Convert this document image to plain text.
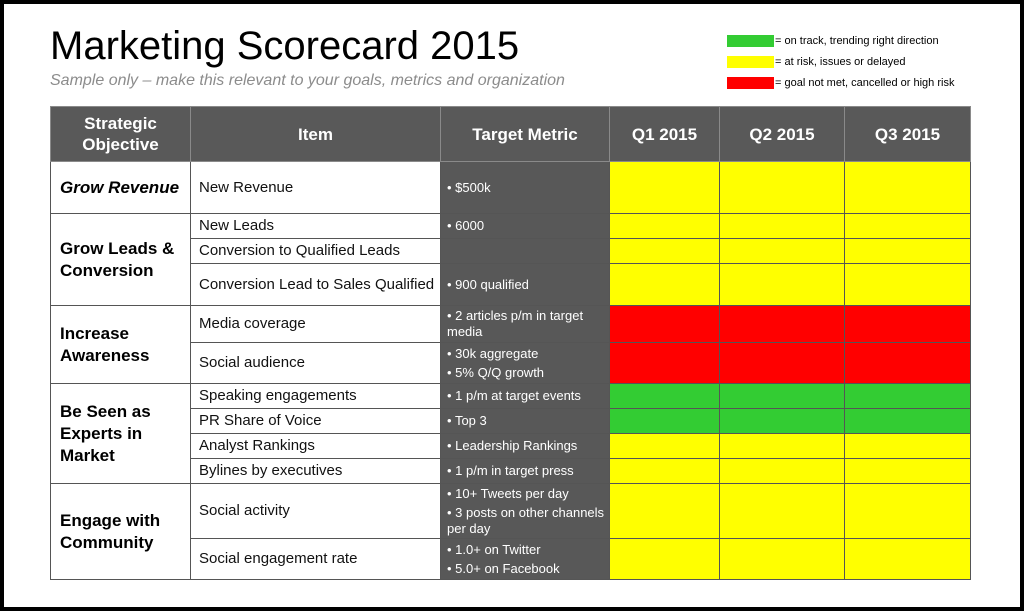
Marketing Scorecard 2015
Sample only – make this relevant to your goals, metrics and organization
= on track, trending right direction
= at risk, issues or delayed
= goal not met, cancelled or high risk
Strategic Objective	Item	Target Metric	Q1 2015	Q2 2015	Q3 2015
Grow Revenue	New Revenue	• $500k

Grow Leads & Conversion	New Leads	• 6000

	Conversion to Qualified Leads				
	Conversion Lead to Sales Qualified	• 900 qualified

Increase Awareness	Media coverage	• 2 articles p/m in target media

	Social audience	• 30k aggregate
• 5% Q/Q growth

Be Seen as Experts in Market	Speaking engagements	• 1 p/m at target events

	PR Share of Voice	• Top 3

	Analyst Rankings	• Leadership Rankings

	Bylines by executives	• 1 p/m in target press

Engage with Community	Social activity	• 10+ Tweets per day
• 3 posts on other channels per day

	Social engagement rate	• 1.0+ on Twitter
• 5.0+ on Facebook
